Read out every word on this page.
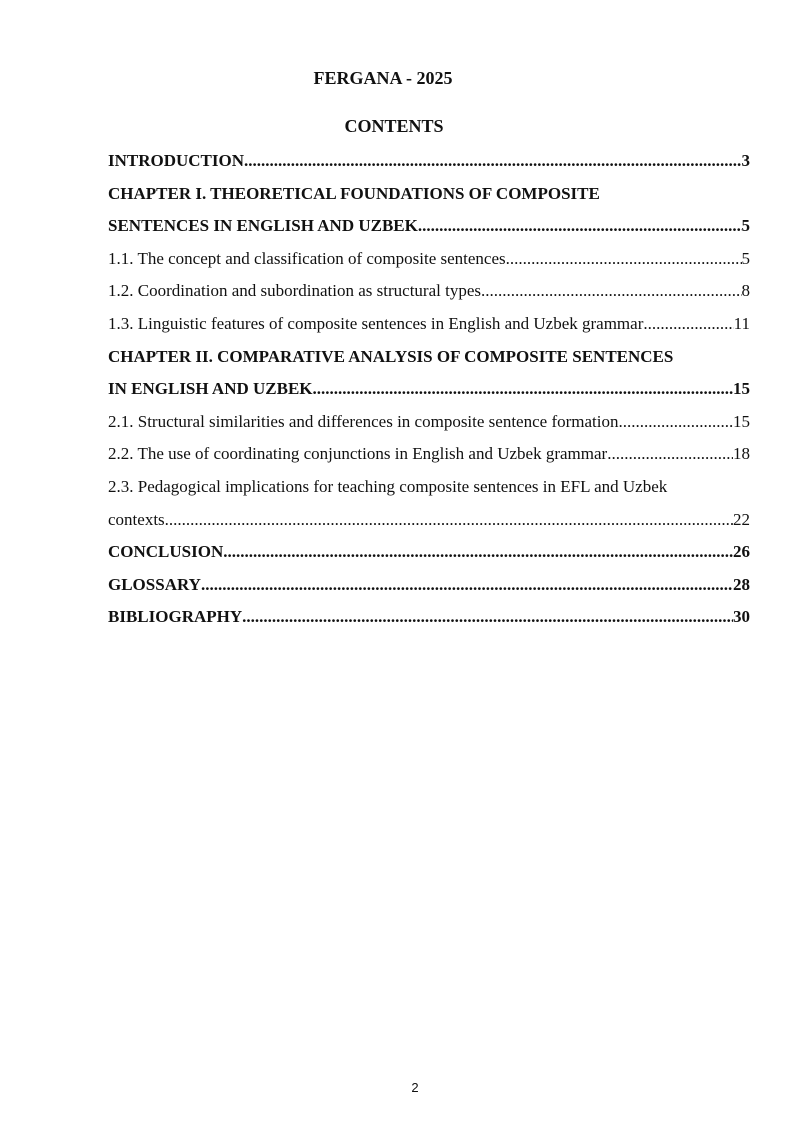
FERGANA - 2025
CONTENTS
INTRODUCTION .....	3
CHAPTER I. THEORETICAL FOUNDATIONS OF COMPOSITE
SENTENCES IN ENGLISH AND UZBEK .....	5
1.1. The concept and classification of composite sentences .....	5
1.2. Coordination and subordination as structural types .....	8
1.3. Linguistic features of composite sentences in English and Uzbek grammar .....	11
CHAPTER II. COMPARATIVE ANALYSIS OF COMPOSITE SENTENCES
IN ENGLISH AND UZBEK .....	15
2.1. Structural similarities and differences in composite sentence formation .....	15
2.2. The use of coordinating conjunctions in English and Uzbek grammar .....	18
2.3. Pedagogical implications for teaching composite sentences in EFL and Uzbek
contexts .....	22
CONCLUSION .....	26
GLOSSARY .....	28
BIBLIOGRAPHY .....	30
2
